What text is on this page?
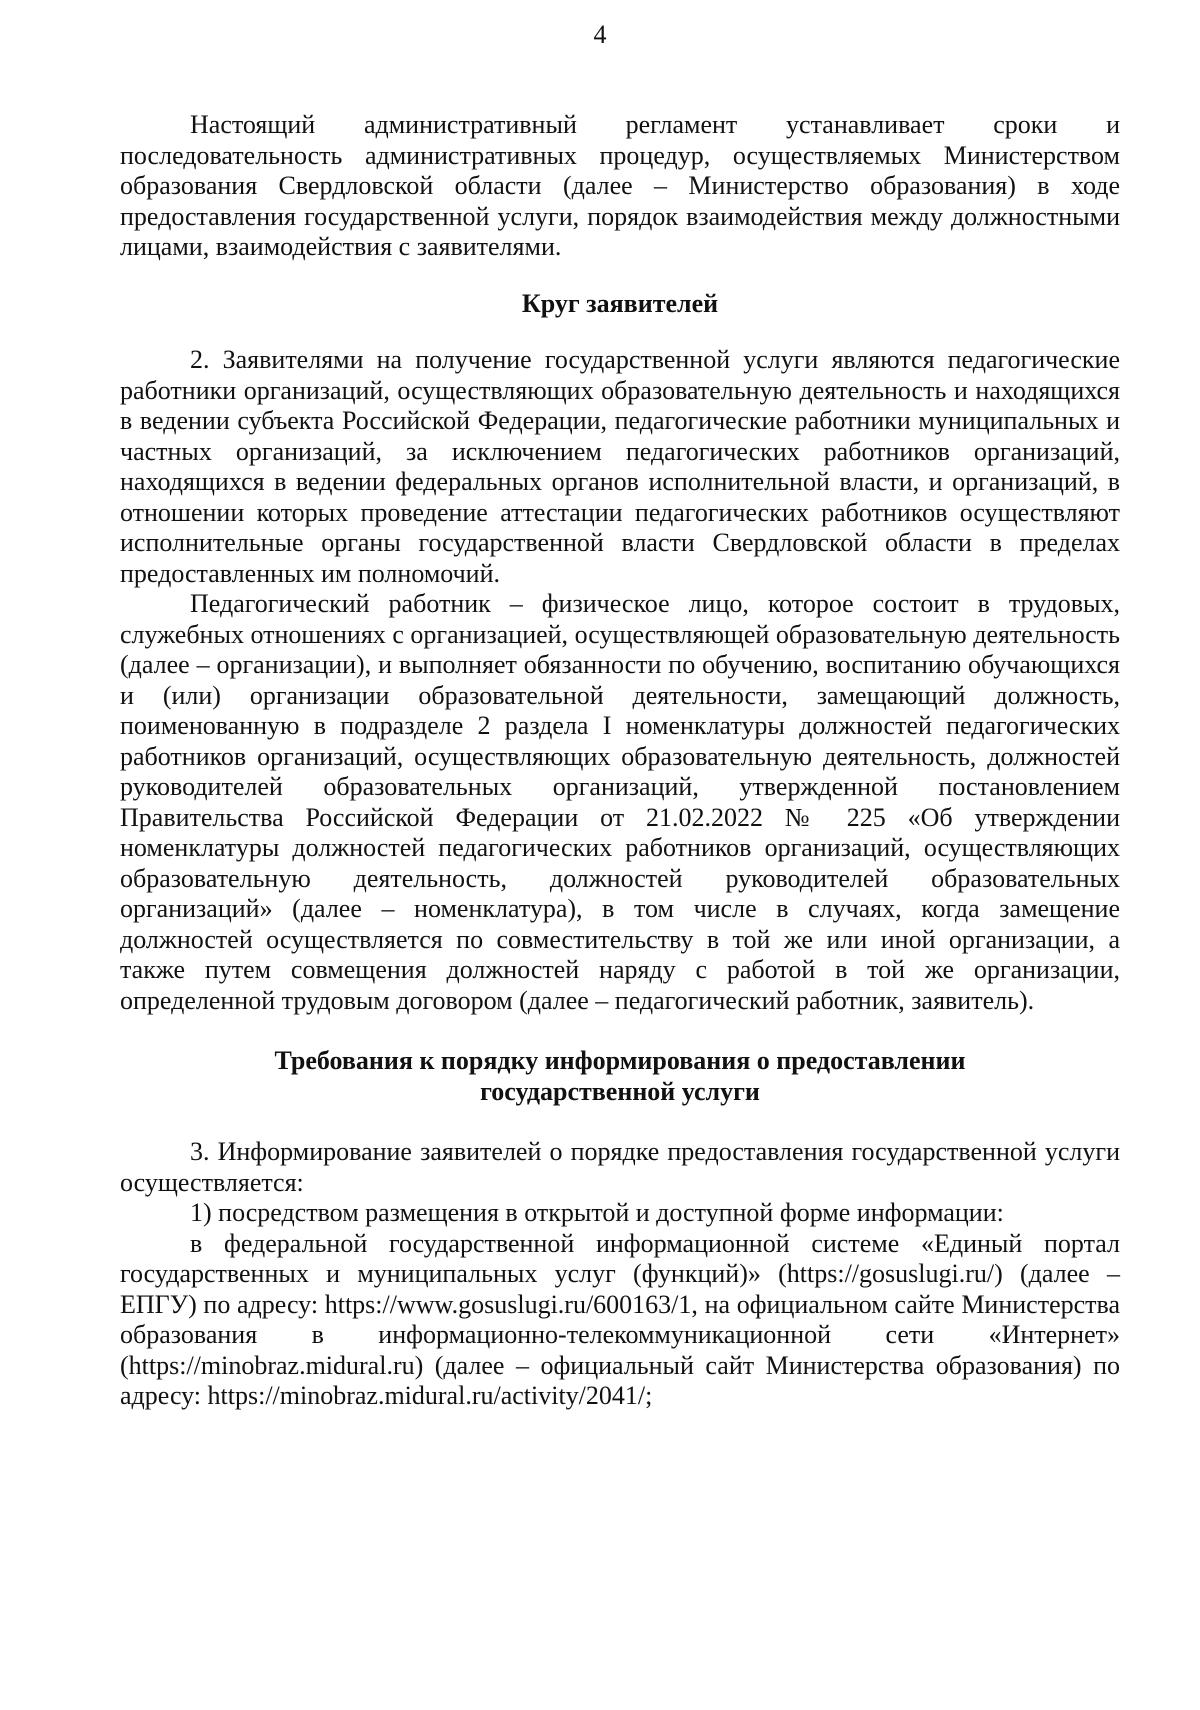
4

Настоящий административный регламент устанавливает сроки и последовательность административных процедур, осуществляемых Министерством образования Свердловской области (далее – Министерство образования) в ходе предоставления государственной услуги, порядок взаимодействия между должностными лицами, взаимодействия с заявителями.

Круг заявителей

2. Заявителями на получение государственной услуги являются педагогические работники организаций, осуществляющих образовательную деятельность и находящихся в ведении субъекта Российской Федерации, педагогические работники муниципальных и частных организаций, за исключением педагогических работников организаций, находящихся в ведении федеральных органов исполнительной власти, и организаций, в отношении которых проведение аттестации педагогических работников осуществляют исполнительные органы государственной власти Свердловской области в пределах предоставленных им полномочий.

Педагогический работник – физическое лицо, которое состоит в трудовых, служебных отношениях с организацией, осуществляющей образовательную деятельность (далее – организации), и выполняет обязанности по обучению, воспитанию обучающихся и (или) организации образовательной деятельности, замещающий должность, поименованную в подразделе 2 раздела I номенклатуры должностей педагогических работников организаций, осуществляющих образовательную деятельность, должностей руководителей образовательных организаций, утвержденной постановлением Правительства Российской Федерации от 21.02.2022 № 225 «Об утверждении номенклатуры должностей педагогических работников организаций, осуществляющих образовательную деятельность, должностей руководителей образовательных организаций» (далее – номенклатура), в том числе в случаях, когда замещение должностей осуществляется по совместительству в той же или иной организации, а также путем совмещения должностей наряду с работой в той же организации, определенной трудовым договором (далее – педагогический работник, заявитель).

Требования к порядку информирования о предоставлении
государственной услуги

3. Информирование заявителей о порядке предоставления государственной услуги осуществляется:

1) посредством размещения в открытой и доступной форме информации:

в федеральной государственной информационной системе «Единый портал государственных и муниципальных услуг (функций)» (https://gosuslugi.ru/) (далее – ЕПГУ) по адресу: https://www.gosuslugi.ru/600163/1, на официальном сайте Министерства образования в информационно-телекоммуникационной сети «Интернет» (https://minobraz.midural.ru) (далее – официальный сайт Министерства образования) по адресу: https://minobraz.midural.ru/activity/2041/;
